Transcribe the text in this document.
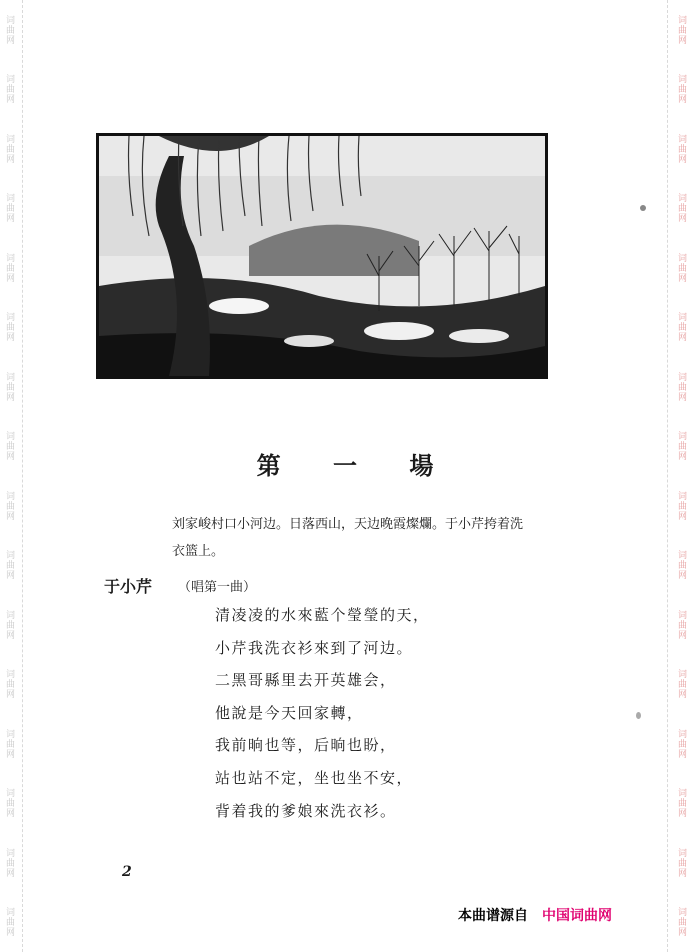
词曲网
词曲网
词曲网
词曲网
词曲网
词曲网
词曲网
词曲网
词曲网
词曲网
词曲网
词曲网
词曲网
词曲网
词曲网
词曲网
词曲网
词曲网
词曲网
词曲网
词曲网
词曲网
词曲网
词曲网
词曲网
词曲网
词曲网
词曲网
词曲网
词曲网
词曲网
词曲网
第 一 場
刘家峻村口小河边。日落西山，天边晚霞燦爛。于小芹挎着洗衣篮上。
于小芹 （唱第一曲）
清凌凌的水來藍个瑩瑩的天，
小芹我洗衣衫來到了河边。
二黑哥縣里去开英雄会，
他說是今天回家轉，
我前晌也等，后晌也盼，
站也站不定，坐也坐不安，
背着我的爹娘來洗衣衫。
2
本曲谱源自 中国词曲网
